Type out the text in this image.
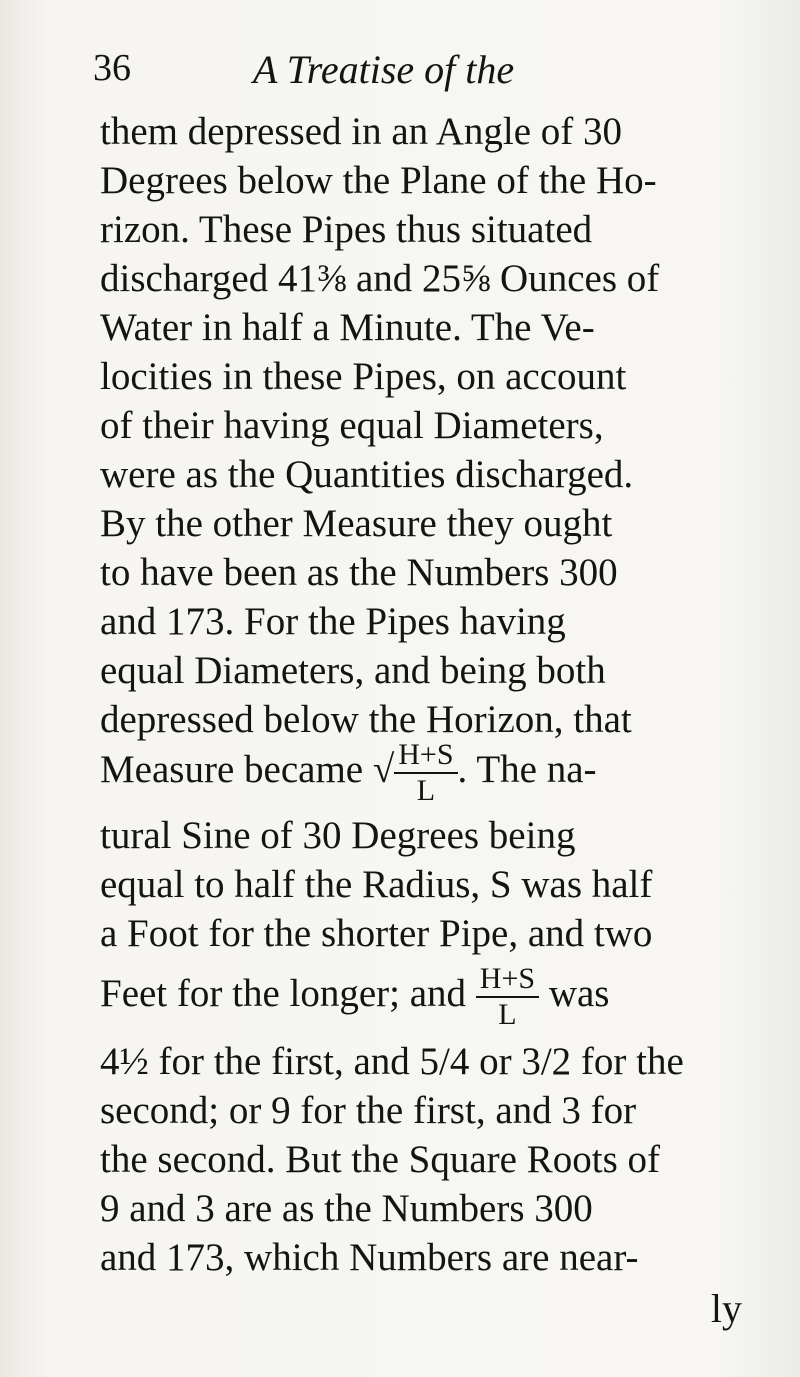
36	A Treatise of the
them depressed in an Angle of 30
Degrees below the Plane of the Ho-
rizon. These Pipes thus situated
discharged 41⅜ and 25⅝ Ounces of
Water in half a Minute. The Ve-
locities in these Pipes, on account
of their having equal Diameters,
were as the Quantities discharged.
By the other Measure they ought
to have been as the Numbers 300
and 173. For the Pipes having
equal Diameters, and being both
depressed below the Horizon, that
Measure became √ $\frac{H+S}{L}$ . The na-
tural Sine of 30 Degrees being
equal to half the Radius, S was half
a Foot for the shorter Pipe, and two
Feet for the longer; and $\frac{H+S}{L}$ was
4½ for the first, and 5/4 or 3/2 for the
second; or 9 for the first, and 3 for
the second. But the Square Roots of
9 and 3 are as the Numbers 300
and 173, which Numbers are near-
ly
